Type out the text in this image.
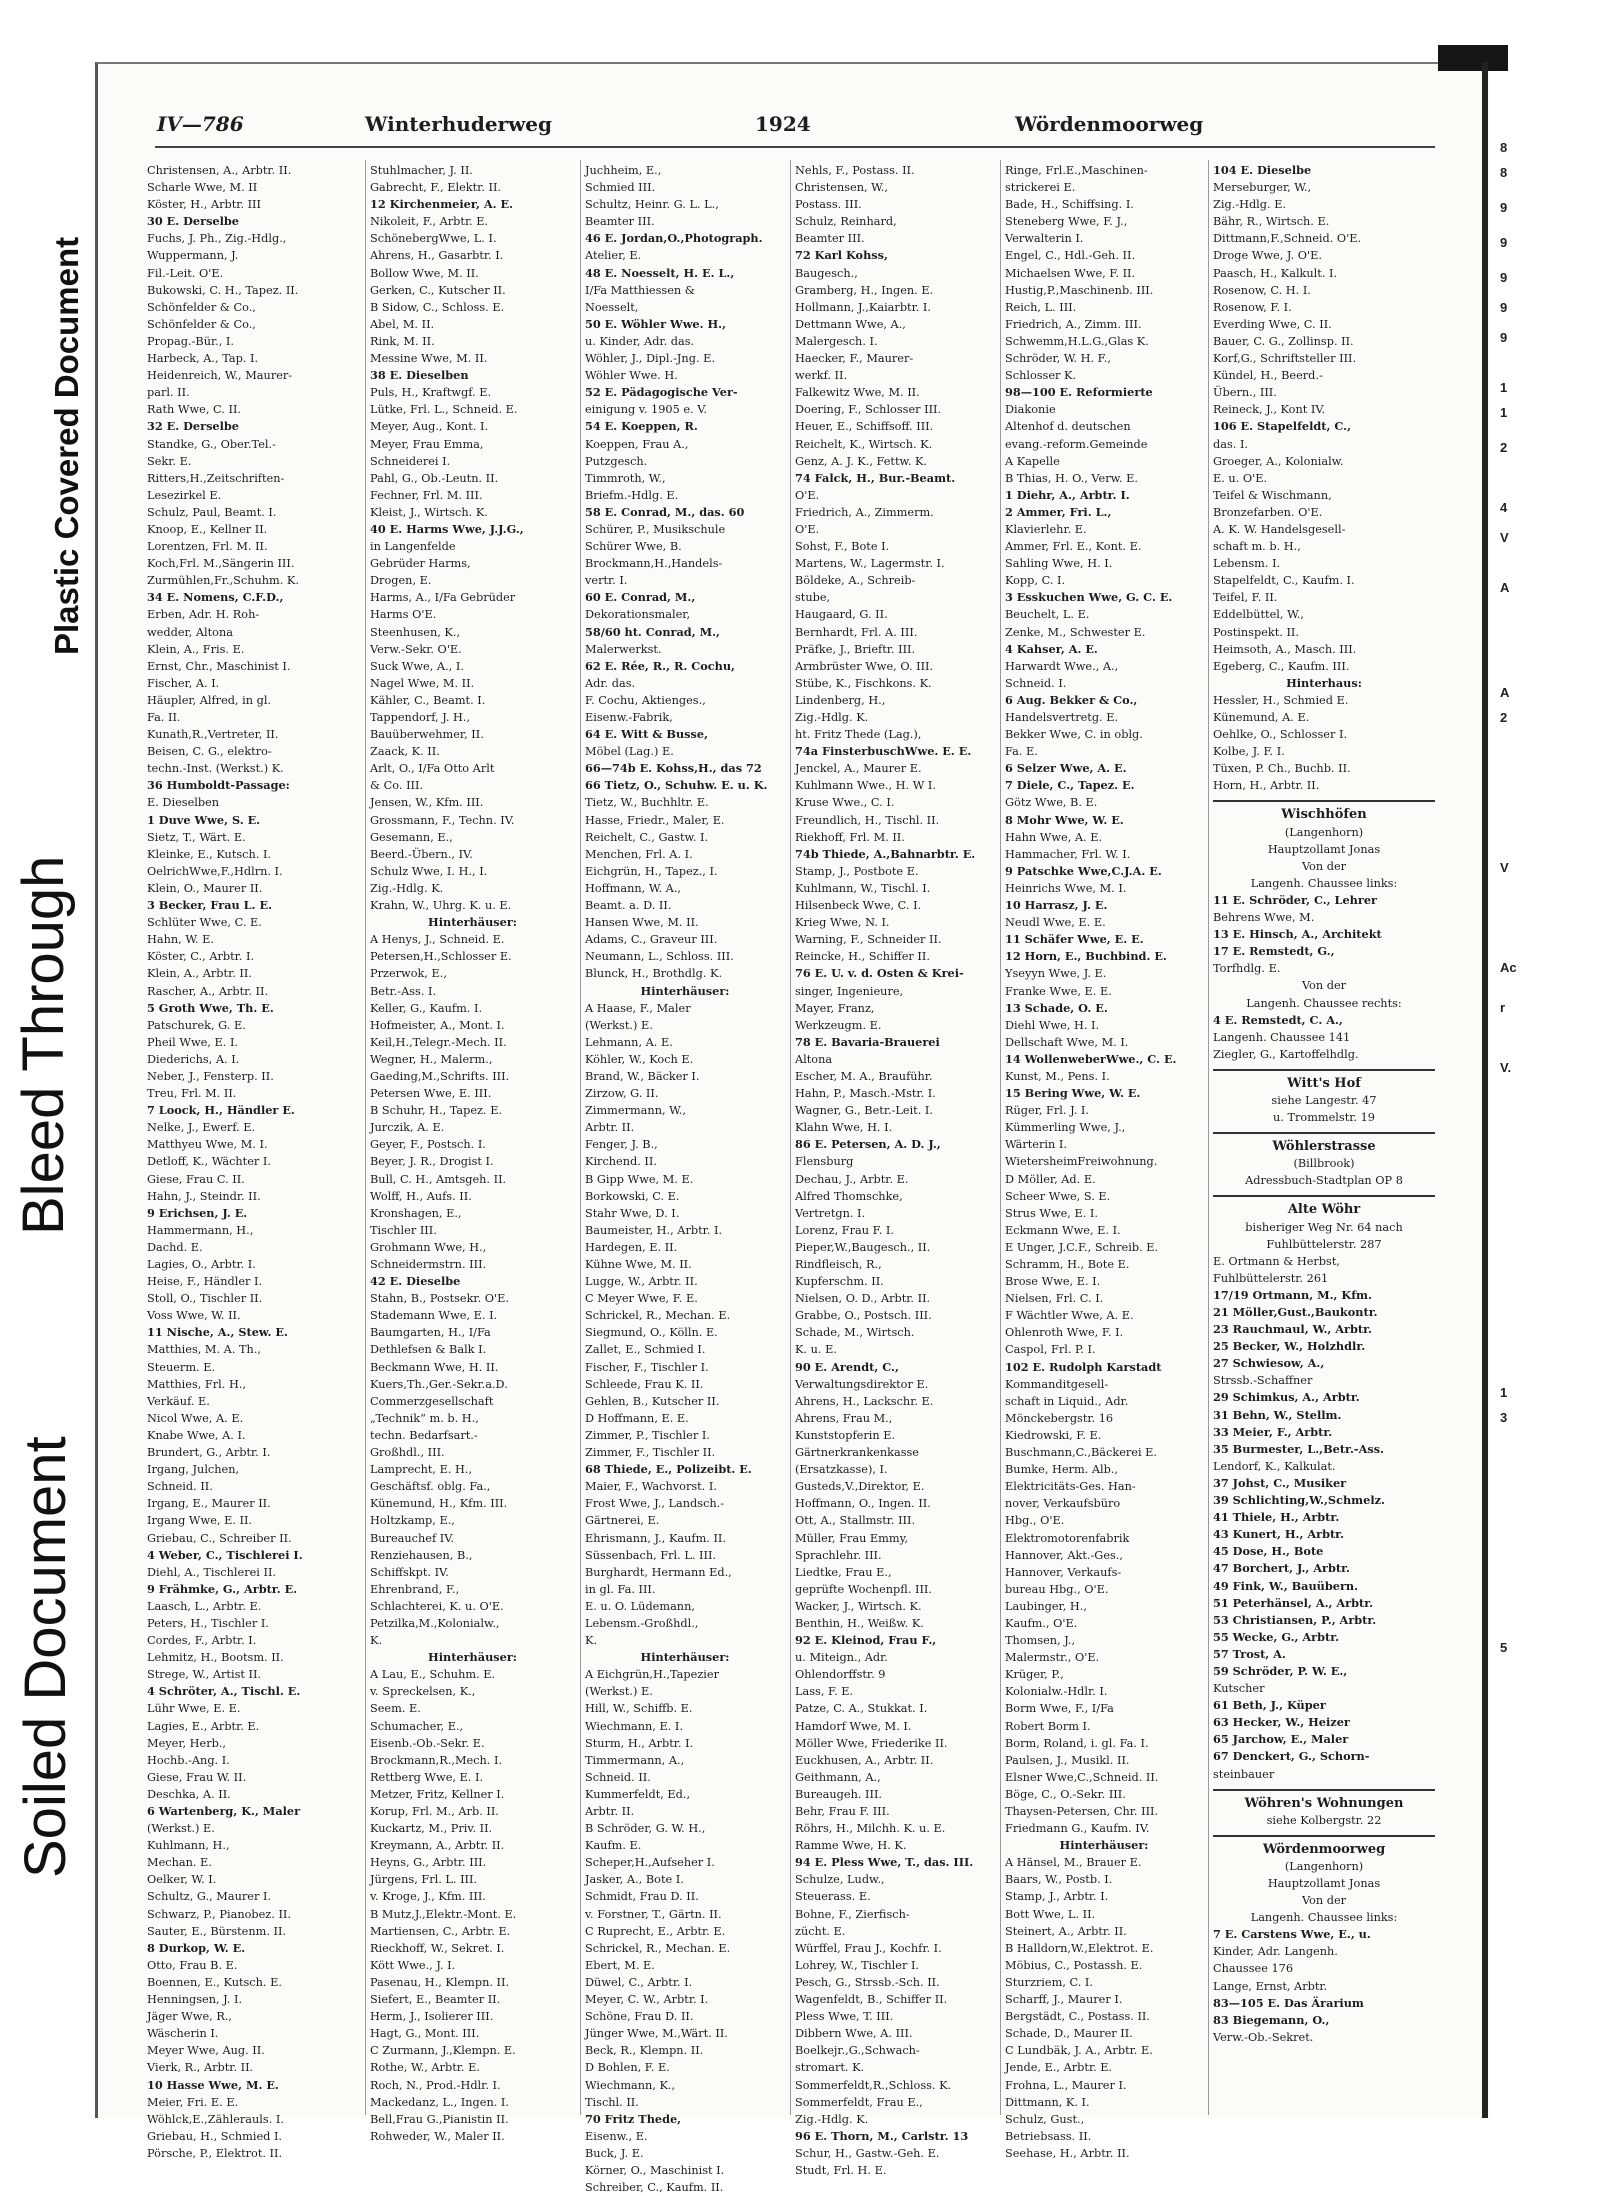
Soiled Document
Bleed Through
Plastic Covered Document
8
8
9
9
9
9
9
1
1
2
4
V
A
A
2
V
Ac
r
V.
1
3
5
IV—786	Winterhuderweg	1924	Wördenmoorweg
Christensen, A., Arbtr. II.
Scharle Wwe, M. II
Köster, H., Arbtr. III
30 E. Derselbe
Fuchs, J. Ph., Zig.-Hdlg.,
Wuppermann, J.
Fil.-Leit. O'E.
Bukowski, C. H., Tapez. II.
Schönfelder & Co.,
Schönfelder & Co.,
Propag.-Bür., I.
Harbeck, A., Tap. I.
Heidenreich, W., Maurer-
parl. II.
Rath Wwe, C. II.
32 E. Derselbe
Standke, G., Ober.Tel.-
Sekr. E.
Ritters,H.,Zeitschriften-
Lesezirkel E.
Schulz, Paul, Beamt. I.
Knoop, E., Kellner II.
Lorentzen, Frl. M. II.
Koch,Frl. M.,Sängerin III.
Zurmühlen,Fr.,Schuhm. K.
34 E. Nomens, C.F.D.,
Erben, Adr. H. Roh-
wedder, Altona
Klein, A., Fris. E.
Ernst, Chr., Maschinist I.
Fischer, A. I.
Häupler, Alfred, in gl.
Fa. II.
Kunath,R.,Vertreter, II.
Beisen, C. G., elektro-
techn.-Inst. (Werkst.) K.
36 Humboldt-Passage:
E. Dieselben
1 Duve Wwe, S. E.
Sietz, T., Wärt. E.
Kleinke, E., Kutsch. I.
OelrichWwe,F.,Hdlrn. I.
Klein, O., Maurer II.
3 Becker, Frau L. E.
Schlüter Wwe, C. E.
Hahn, W. E.
Köster, C., Arbtr. I.
Klein, A., Arbtr. II.
Rascher, A., Arbtr. II.
5 Groth Wwe, Th. E.
Patschurek, G. E.
Pheil Wwe, E. I.
Diederichs, A. I.
Neber, J., Fensterp. II.
Treu, Frl. M. II.
7 Loock, H., Händler E.
Nelke, J., Ewerf. E.
Matthyeu Wwe, M. I.
Detloff, K., Wächter I.
Giese, Frau C. II.
Hahn, J., Steindr. II.
9 Erichsen, J. E.
Hammermann, H.,
Dachd. E.
Lagies, O., Arbtr. I.
Heise, F., Händler I.
Stoll, O., Tischler II.
Voss Wwe, W. II.
11 Nische, A., Stew. E.
Matthies, M. A. Th.,
Steuerm. E.
Matthies, Frl. H.,
Verkäuf. E.
Nicol Wwe, A. E.
Knabe Wwe, A. I.
Brundert, G., Arbtr. I.
Irgang, Julchen,
Schneid. II.
Irgang, E., Maurer II.
Irgang Wwe, E. II.
Griebau, C., Schreiber II.
4 Weber, C., Tischlerei I.
Diehl, A., Tischlerei II.
9 Frähmke, G., Arbtr. E.
Laasch, L., Arbtr. E.
Peters, H., Tischler I.
Cordes, F., Arbtr. I.
Lehmitz, H., Bootsm. II.
Strege, W., Artist II.
4 Schröter, A., Tischl. E.
Lühr Wwe, E. E.
Lagies, E., Arbtr. E.
Meyer, Herb.,
Hochb.-Ang. I.
Giese, Frau W. II.
Deschka, A. II.
6 Wartenberg, K., Maler
(Werkst.) E.
Kuhlmann, H.,
Mechan. E.
Oelker, W. I.
Schultz, G., Maurer I.
Schwarz, P., Pianobez. II.
Sauter, E., Bürstenm. II.
8 Durkop, W. E.
Otto, Frau B. E.
Boennen, E., Kutsch. E.
Henningsen, J. I.
Jäger Wwe, R.,
Wäscherin I.
Meyer Wwe, Aug. II.
Vierk, R., Arbtr. II.
10 Hasse Wwe, M. E.
Meier, Fri. E. E.
Wöhlck,E.,Zählerauls. I.
Griebau, H., Schmied I.
Pörsche, P., Elektrot. II.
Stuhlmacher, J. II.
Gabrecht, F., Elektr. II.
12 Kirchenmeier, A. E.
Nikoleit, F., Arbtr. E.
SchönebergWwe, L. I.
Ahrens, H., Gasarbtr. I.
Bollow Wwe, M. II.
Gerken, C., Kutscher II.
B Sidow, C., Schloss. E.
Abel, M. II.
Rink, M. II.
Messine Wwe, M. II.
38 E. Dieselben
Puls, H., Kraftwgf. E.
Lütke, Frl. L., Schneid. E.
Meyer, Aug., Kont. I.
Meyer, Frau Emma,
Schneiderei I.
Pahl, G., Ob.-Leutn. II.
Fechner, Frl. M. III.
Kleist, J., Wirtsch. K.
40 E. Harms Wwe, J.J.G.,
in Langenfelde
Gebrüder Harms,
Drogen, E.
Harms, A., I/Fa Gebrüder
Harms O'E.
Steenhusen, K.,
Verw.-Sekr. O'E.
Suck Wwe, A., I.
Nagel Wwe, M. II.
Kähler, C., Beamt. I.
Tappendorf, J. H.,
Bauüberwehmer, II.
Zaack, K. II.
Arlt, O., I/Fa Otto Arlt
& Co. III.
Jensen, W., Kfm. III.
Grossmann, F., Techn. IV.
Gesemann, E.,
Beerd.-Übern., IV.
Schulz Wwe, I. H., I.
Zig.-Hdlg. K.
Krahn, W., Uhrg. K. u. E.
Hinterhäuser:
A Henys, J., Schneid. E.
Petersen,H.,Schlosser E.
Przerwok, E.,
Betr.-Ass. I.
Keller, G., Kaufm. I.
Hofmeister, A., Mont. I.
Keil,H.,Telegr.-Mech. II.
Wegner, H., Malerm.,
Gaeding,M.,Schrifts. III.
Petersen Wwe, E. III.
B Schuhr, H., Tapez. E.
Jurczik, A. E.
Geyer, F., Postsch. I.
Beyer, J. R., Drogist I.
Bull, C. H., Amtsgeh. II.
Wolff, H., Aufs. II.
Kronshagen, E.,
Tischler III.
Grohmann Wwe, H.,
Schneidermstrn. III.
42 E. Dieselbe
Stahn, B., Postsekr. O'E.
Stademann Wwe, E. I.
Baumgarten, H., I/Fa
Dethlefsen & Balk I.
Beckmann Wwe, H. II.
Kuers,Th.,Ger.-Sekr.a.D.
Commerzgesellschaft
„Technik“ m. b. H.,
techn. Bedarfsart.-
Großhdl., III.
Lamprecht, E. H.,
Geschäftsf. oblg. Fa.,
Künemund, H., Kfm. III.
Holtzkamp, E.,
Bureauchef IV.
Renziehausen, B.,
Schiffskpt. IV.
Ehrenbrand, F.,
Schlachterei, K. u. O'E.
Petzilka,M.,Kolonialw.,
K.
Hinterhäuser:
A Lau, E., Schuhm. E.
v. Spreckelsen, K.,
Seem. E.
Schumacher, E.,
Eisenb.-Ob.-Sekr. E.
Brockmann,R.,Mech. I.
Rettberg Wwe, E. I.
Metzer, Fritz, Kellner I.
Korup, Frl. M., Arb. II.
Kuckartz, M., Priv. II.
Kreymann, A., Arbtr. II.
Heyns, G., Arbtr. III.
Jürgens, Frl. L. III.
v. Kroge, J., Kfm. III.
B Mutz,J.,Elektr.-Mont. E.
Martiensen, C., Arbtr. E.
Rieckhoff, W., Sekret. I.
Kött Wwe., J. I.
Pasenau, H., Klempn. II.
Siefert, E., Beamter II.
Herm, J., Isolierer III.
Hagt, G., Mont. III.
C Zurmann, J.,Klempn. E.
Rothe, W., Arbtr. E.
Roch, N., Prod.-Hdlr. I.
Mackedanz, L., Ingen. I.
Bell,Frau G.,Pianistin II.
Rohweder, W., Maler II.
Juchheim, E.,
Schmied III.
Schultz, Heinr. G. L. L.,
Beamter III.
46 E. Jordan,O.,Photograph.
Atelier, E.
48 E. Noesselt, H. E. L.,
I/Fa Matthiessen &
Noesselt,
50 E. Wöhler Wwe. H.,
u. Kinder, Adr. das.
Wöhler, J., Dipl.-Jng. E.
Wöhler Wwe. H.
52 E. Pädagogische Ver-
einigung v. 1905 e. V.
54 E. Koeppen, R.
Koeppen, Frau A.,
Putzgesch.
Timmroth, W.,
Briefm.-Hdlg. E.
58 E. Conrad, M., das. 60
Schürer, P., Musikschule
Schürer Wwe, B.
Brockmann,H.,Handels-
vertr. I.
60 E. Conrad, M.,
Dekorationsmaler,
58/60 ht. Conrad, M.,
Malerwerkst.
62 E. Rée, R., R. Cochu,
Adr. das.
F. Cochu, Aktienges.,
Eisenw.-Fabrik,
64 E. Witt & Busse,
Möbel (Lag.) E.
66—74b E. Kohss,H., das 72
66 Tietz, O., Schuhw. E. u. K.
Tietz, W., Buchhltr. E.
Hasse, Friedr., Maler, E.
Reichelt, C., Gastw. I.
Menchen, Frl. A. I.
Eichgrün, H., Tapez., I.
Hoffmann, W. A.,
Beamt. a. D. II.
Hansen Wwe, M. II.
Adams, C., Graveur III.
Neumann, L., Schloss. III.
Blunck, H., Brothdlg. K.
Hinterhäuser:
A Haase, F., Maler
(Werkst.) E.
Lehmann, A. E.
Köhler, W., Koch E.
Brand, W., Bäcker I.
Zirzow, G. II.
Zimmermann, W.,
Arbtr. II.
Fenger, J. B.,
Kirchend. II.
B Gipp Wwe, M. E.
Borkowski, C. E.
Stahr Wwe, D. I.
Baumeister, H., Arbtr. I.
Hardegen, E. II.
Kühne Wwe, M. II.
Lugge, W., Arbtr. II.
C Meyer Wwe, F. E.
Schrickel, R., Mechan. E.
Siegmund, O., Kölln. E.
Zallet, E., Schmied I.
Fischer, F., Tischler I.
Schleede, Frau K. II.
Gehlen, B., Kutscher II.
D Hoffmann, E. E.
Zimmer, P., Tischler I.
Zimmer, F., Tischler II.
68 Thiede, E., Polizeibt. E.
Maier, F., Wachvorst. I.
Frost Wwe, J., Landsch.-
Gärtnerei, E.
Ehrismann, J., Kaufm. II.
Süssenbach, Frl. L. III.
Burghardt, Hermann Ed.,
in gl. Fa. III.
E. u. O. Lüdemann,
Lebensm.-Großhdl.,
K.
Hinterhäuser:
A Eichgrün,H.,Tapezier
(Werkst.) E.
Hill, W., Schiffb. E.
Wiechmann, E. I.
Sturm, H., Arbtr. I.
Timmermann, A.,
Schneid. II.
Kummerfeldt, Ed.,
Arbtr. II.
B Schröder, G. W. H.,
Kaufm. E.
Scheper,H.,Aufseher I.
Jasker, A., Bote I.
Schmidt, Frau D. II.
v. Forstner, T., Gärtn. II.
C Ruprecht, E., Arbtr. E.
Schrickel, R., Mechan. E.
Ebert, M. E.
Düwel, C., Arbtr. I.
Meyer, C. W., Arbtr. I.
Schöne, Frau D. II.
Jünger Wwe, M.,Wärt. II.
Beck, R., Klempn. II.
D Bohlen, F. E.
Wiechmann, K.,
Tischl. II.
70 Fritz Thede,
Eisenw., E.
Buck, J. E.
Körner, O., Maschinist I.
Schreiber, C., Kaufm. II.
Nehls, F., Postass. II.
Christensen, W.,
Postass. III.
Schulz, Reinhard,
Beamter III.
72 Karl Kohss,
Baugesch.,
Gramberg, H., Ingen. E.
Hollmann, J.,Kaiarbtr. I.
Dettmann Wwe, A.,
Malergesch. I.
Haecker, F., Maurer-
werkf. II.
Falkewitz Wwe, M. II.
Doering, F., Schlosser III.
Heuer, E., Schiffsoff. III.
Reichelt, K., Wirtsch. K.
Genz, A. J. K., Fettw. K.
74 Falck, H., Bur.-Beamt.
O'E.
Friedrich, A., Zimmerm.
O'E.
Sohst, F., Bote I.
Martens, W., Lagermstr. I.
Böldeke, A., Schreib-
stube,
Haugaard, G. II.
Bernhardt, Frl. A. III.
Präfke, J., Brieftr. III.
Armbrüster Wwe, O. III.
Stübe, K., Fischkons. K.
Lindenberg, H.,
Zig.-Hdlg. K.
ht. Fritz Thede (Lag.),
74a FinsterbuschWwe. E. E.
Jenckel, A., Maurer E.
Kuhlmann Wwe., H. W I.
Kruse Wwe., C. I.
Freundlich, H., Tischl. II.
Riekhoff, Frl. M. II.
74b Thiede, A.,Bahnarbtr. E.
Stamp, J., Postbote E.
Kuhlmann, W., Tischl. I.
Hilsenbeck Wwe, C. I.
Krieg Wwe, N. I.
Warning, F., Schneider II.
Reincke, H., Schiffer II.
76 E. U. v. d. Osten & Krei-
singer, Ingenieure,
Mayer, Franz,
Werkzeugm. E.
78 E. Bavaria-Brauerei
Altona
Escher, M. A., Brauführ.
Hahn, P., Masch.-Mstr. I.
Wagner, G., Betr.-Leit. I.
Klahn Wwe, H. I.
86 E. Petersen, A. D. J.,
Flensburg
Dechau, J., Arbtr. E.
Alfred Thomschke,
Vertretgn. I.
Lorenz, Frau F. I.
Pieper,W.,Baugesch., II.
Rindfleisch, R.,
Kupferschm. II.
Nielsen, O. D., Arbtr. II.
Grabbe, O., Postsch. III.
Schade, M., Wirtsch.
K. u. E.
90 E. Arendt, C.,
Verwaltungsdirektor E.
Ahrens, H., Lackschr. E.
Ahrens, Frau M.,
Kunststopferin E.
Gärtnerkrankenkasse
(Ersatzkasse), I.
Gusteds,V.,Direktor, E.
Hoffmann, O., Ingen. II.
Ott, A., Stallmstr. III.
Müller, Frau Emmy,
Sprachlehr. III.
Liedtke, Frau E.,
geprüfte Wochenpfl. III.
Wacker, J., Wirtsch. K.
Benthin, H., Weißw. K.
92 E. Kleinod, Frau F.,
u. Miteign., Adr.
Ohlendorffstr. 9
Lass, F. E.
Patze, C. A., Stukkat. I.
Hamdorf Wwe, M. I.
Möller Wwe, Friederike II.
Euckhusen, A., Arbtr. II.
Geithmann, A.,
Bureaugeh. III.
Behr, Frau F. III.
Röhrs, H., Milchh. K. u. E.
Ramme Wwe, H. K.
94 E. Pless Wwe, T., das. III.
Schulze, Ludw.,
Steuerass. E.
Bohne, F., Zierfisch-
zücht. E.
Würffel, Frau J., Kochfr. I.
Lohrey, W., Tischler I.
Pesch, G., Strssb.-Sch. II.
Wagenfeldt, B., Schiffer II.
Pless Wwe, T. III.
Dibbern Wwe, A. III.
Boelkejr.,G.,Schwach-
stromart. K.
Sommerfeldt,R.,Schloss. K.
Sommerfeldt, Frau E.,
Zig.-Hdlg. K.
96 E. Thorn, M., Carlstr. 13
Schur, H., Gastw.-Geh. E.
Studt, Frl. H. E.
Ringe, Frl.E.,Maschinen-
strickerei E.
Bade, H., Schiffsing. I.
Steneberg Wwe, F. J.,
Verwalterin I.
Engel, C., Hdl.-Geh. II.
Michaelsen Wwe, F. II.
Hustig,P.,Maschinenb. III.
Reich, L. III.
Friedrich, A., Zimm. III.
Schwemm,H.L.G.,Glas K.
Schröder, W. H. F.,
Schlosser K.
98—100 E. Reformierte
Diakonie
Altenhof d. deutschen
evang.-reform.Gemeinde
A Kapelle
B Thias, H. O., Verw. E.
1 Diehr, A., Arbtr. I.
2 Ammer, Fri. L.,
Klavierlehr. E.
Ammer, Frl. E., Kont. E.
Sahling Wwe, H. I.
Kopp, C. I.
3 Esskuchen Wwe, G. C. E.
Beuchelt, L. E.
Zenke, M., Schwester E.
4 Kahser, A. E.
Harwardt Wwe., A.,
Schneid. I.
6 Aug. Bekker & Co.,
Handelsvertretg. E.
Bekker Wwe, C. in oblg.
Fa. E.
6 Selzer Wwe, A. E.
7 Diele, C., Tapez. E.
Götz Wwe, B. E.
8 Mohr Wwe, W. E.
Hahn Wwe, A. E.
Hammacher, Frl. W. I.
9 Patschke Wwe,C.J.A. E.
Heinrichs Wwe, M. I.
10 Harrasz, J. E.
Neudl Wwe, E. E.
11 Schäfer Wwe, E. E.
12 Horn, E., Buchbind. E.
Yseyyn Wwe, J. E.
Franke Wwe, E. E.
13 Schade, O. E.
Diehl Wwe, H. I.
Dellschaft Wwe, M. I.
14 WollenweberWwe., C. E.
Kunst, M., Pens. I.
15 Bering Wwe, W. E.
Rüger, Frl. J. I.
Kümmerling Wwe, J.,
Wärterin I.
WietersheimFreiwohnung.
D Möller, Ad. E.
Scheer Wwe, S. E.
Strus Wwe, E. I.
Eckmann Wwe, E. I.
E Unger, J.C.F., Schreib. E.
Schramm, H., Bote E.
Brose Wwe, E. I.
Nielsen, Frl. C. I.
F Wächtler Wwe, A. E.
Ohlenroth Wwe, F. I.
Caspol, Frl. P. I.
102 E. Rudolph Karstadt
Kommanditgesell-
schaft in Liquid., Adr.
Mönckebergstr. 16
Kiedrowski, F. E.
Buschmann,C.,Bäckerei E.
Bumke, Herm. Alb.,
Elektricitäts-Ges. Han-
nover, Verkaufsbüro
Hbg., O'E.
Elektromotorenfabrik
Hannover, Akt.-Ges.,
Hannover, Verkaufs-
bureau Hbg., O'E.
Laubinger, H.,
Kaufm., O'E.
Thomsen, J.,
Malermstr., O'E.
Krüger, P.,
Kolonialw.-Hdlr. I.
Borm Wwe, F., I/Fa
Robert Borm I.
Borm, Roland, i. gl. Fa. I.
Paulsen, J., Musikl. II.
Elsner Wwe,C.,Schneid. II.
Böge, C., O.-Sekr. III.
Thaysen-Petersen, Chr. III.
Friedmann G., Kaufm. IV.
Hinterhäuser:
A Hänsel, M., Brauer E.
Baars, W., Postb. I.
Stamp, J., Arbtr. I.
Bott Wwe, L. II.
Steinert, A., Arbtr. II.
B Halldorn,W.,Elektrot. E.
Möbius, C., Postassh. E.
Sturzriem, C. I.
Scharff, J., Maurer I.
Bergstädt, C., Postass. II.
Schade, D., Maurer II.
C Lundbäk, J. A., Arbtr. E.
Jende, E., Arbtr. E.
Frohna, L., Maurer I.
Dittmann, K. I.
Schulz, Gust.,
Betriebsass. II.
Seehase, H., Arbtr. II.
104 E. Dieselbe
Merseburger, W.,
Zig.-Hdlg. E.
Bähr, R., Wirtsch. E.
Dittmann,F.,Schneid. O'E.
Droge Wwe, J. O'E.
Paasch, H., Kalkult. I.
Rosenow, C. H. I.
Rosenow, F. I.
Everding Wwe, C. II.
Bauer, C. G., Zollinsp. II.
Korf,G., Schriftsteller III.
Kündel, H., Beerd.-
Übern., III.
Reineck, J., Kont IV.
106 E. Stapelfeldt, C.,
das. I.
Groeger, A., Kolonialw.
E. u. O'E.
Teifel & Wischmann,
Bronzefarben. O'E.
A. K. W. Handelsgesell-
schaft m. b. H.,
Lebensm. I.
Stapelfeldt, C., Kaufm. I.
Teifel, F. II.
Eddelbüttel, W.,
Postinspekt. II.
Heimsoth, A., Masch. III.
Egeberg, C., Kaufm. III.
Hinterhaus:
Hessler, H., Schmied E.
Künemund, A. E.
Oehlke, O., Schlosser I.
Kolbe, J. F. I.
Tüxen, P. Ch., Buchb. II.
Horn, H., Arbtr. II.
Wischhöfen
(Langenhorn)
Hauptzollamt Jonas
Von der
Langenh. Chaussee links:
11 E. Schröder, C., Lehrer
Behrens Wwe, M.
13 E. Hinsch, A., Architekt
17 E. Remstedt, G.,
Torfhdlg. E.
Von der
Langenh. Chaussee rechts:
4 E. Remstedt, C. A.,
Langenh. Chaussee 141
Ziegler, G., Kartoffelhdlg.
Witt's Hof
siehe Langestr. 47
u. Trommelstr. 19
Wöhlerstrasse
(Billbrook)
Adressbuch-Stadtplan OP 8
Alte Wöhr
bisheriger Weg Nr. 64 nach
Fuhlbüttelerstr. 287
E. Ortmann & Herbst,
Fuhlbüttelerstr. 261
17/19 Ortmann, M., Kfm.
21 Möller,Gust.,Baukontr.
23 Rauchmaul, W., Arbtr.
25 Becker, W., Holzhdlr.
27 Schwiesow, A.,
Strssb.-Schaffner
29 Schimkus, A., Arbtr.
31 Behn, W., Stellm.
33 Meier, F., Arbtr.
35 Burmester, L.,Betr.-Ass.
Lendorf, K., Kalkulat.
37 Johst, C., Musiker
39 Schlichting,W.,Schmelz.
41 Thiele, H., Arbtr.
43 Kunert, H., Arbtr.
45 Dose, H., Bote
47 Borchert, J., Arbtr.
49 Fink, W., Bauübern.
51 Peterhänsel, A., Arbtr.
53 Christiansen, P., Arbtr.
55 Wecke, G., Arbtr.
57 Trost, A.
59 Schröder, P. W. E.,
Kutscher
61 Beth, J., Küper
63 Hecker, W., Heizer
65 Jarchow, E., Maler
67 Denckert, G., Schorn-
steinbauer
Wöhren's Wohnungen
siehe Kolbergstr. 22
Wördenmoorweg
(Langenhorn)
Hauptzollamt Jonas
Von der
Langenh. Chaussee links:
7 E. Carstens Wwe, E., u.
Kinder, Adr. Langenh.
Chaussee 176
Lange, Ernst, Arbtr.
83—105 E. Das Ärarium
83 Biegemann, O.,
Verw.-Ob.-Sekret.
